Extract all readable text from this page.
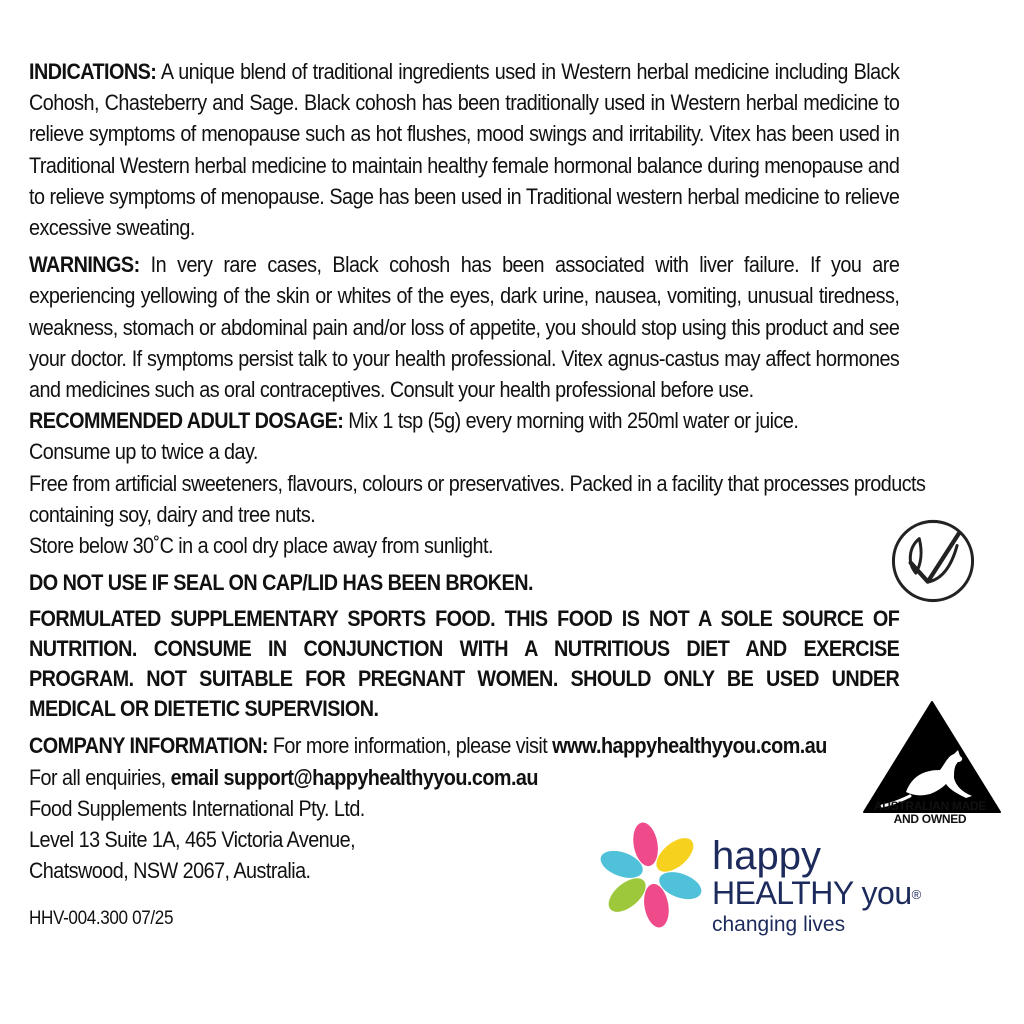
INDICATIONS: A unique blend of traditional ingredients used in Western herbal medicine including Black Cohosh, Chasteberry and Sage. Black cohosh has been traditionally used in Western herbal medicine to relieve symptoms of menopause such as hot flushes, mood swings and irritability. Vitex has been used in Traditional Western herbal medicine to maintain healthy female hormonal balance during menopause and to relieve symptoms of menopause. Sage has been used in Traditional western herbal medicine to relieve excessive sweating.

WARNINGS: In very rare cases, Black cohosh has been associated with liver failure. If you are experiencing yellowing of the skin or whites of the eyes, dark urine, nausea, vomiting, unusual tiredness, weakness, stomach or abdominal pain and/or loss of appetite, you should stop using this product and see your doctor. If symptoms persist talk to your health professional. Vitex agnus-castus may affect hormones and medicines such as oral contraceptives. Consult your health professional before use.

RECOMMENDED ADULT DOSAGE: Mix 1 tsp (5g) every morning with 250ml water or juice.

Consume up to twice a day.

Free from artificial sweeteners, flavours, colours or preservatives. Packed in a facility that processes products containing soy, dairy and tree nuts.

Store below 30˚C in a cool dry place away from sunlight.

DO NOT USE IF SEAL ON CAP/LID HAS BEEN BROKEN.

FORMULATED SUPPLEMENTARY SPORTS FOOD. THIS FOOD IS NOT A SOLE SOURCE OF NUTRITION. CONSUME IN CONJUNCTION WITH A NUTRITIOUS DIET AND EXERCISE PROGRAM. NOT SUITABLE FOR PREGNANT WOMEN. SHOULD ONLY BE USED UNDER MEDICAL OR DIETETIC SUPERVISION.

COMPANY INFORMATION: For more information, please visit www.happyhealthyyou.com.au

For all enquiries, email support@happyhealthyyou.com.au

Food Supplements International Pty. Ltd.

Level 13 Suite 1A, 465 Victoria Avenue,

Chatswood, NSW 2067, Australia.

HHV-004.300 07/25
AUSTRALIAN MADE
AND OWNED
happy
HEALTHY you®
changing lives
